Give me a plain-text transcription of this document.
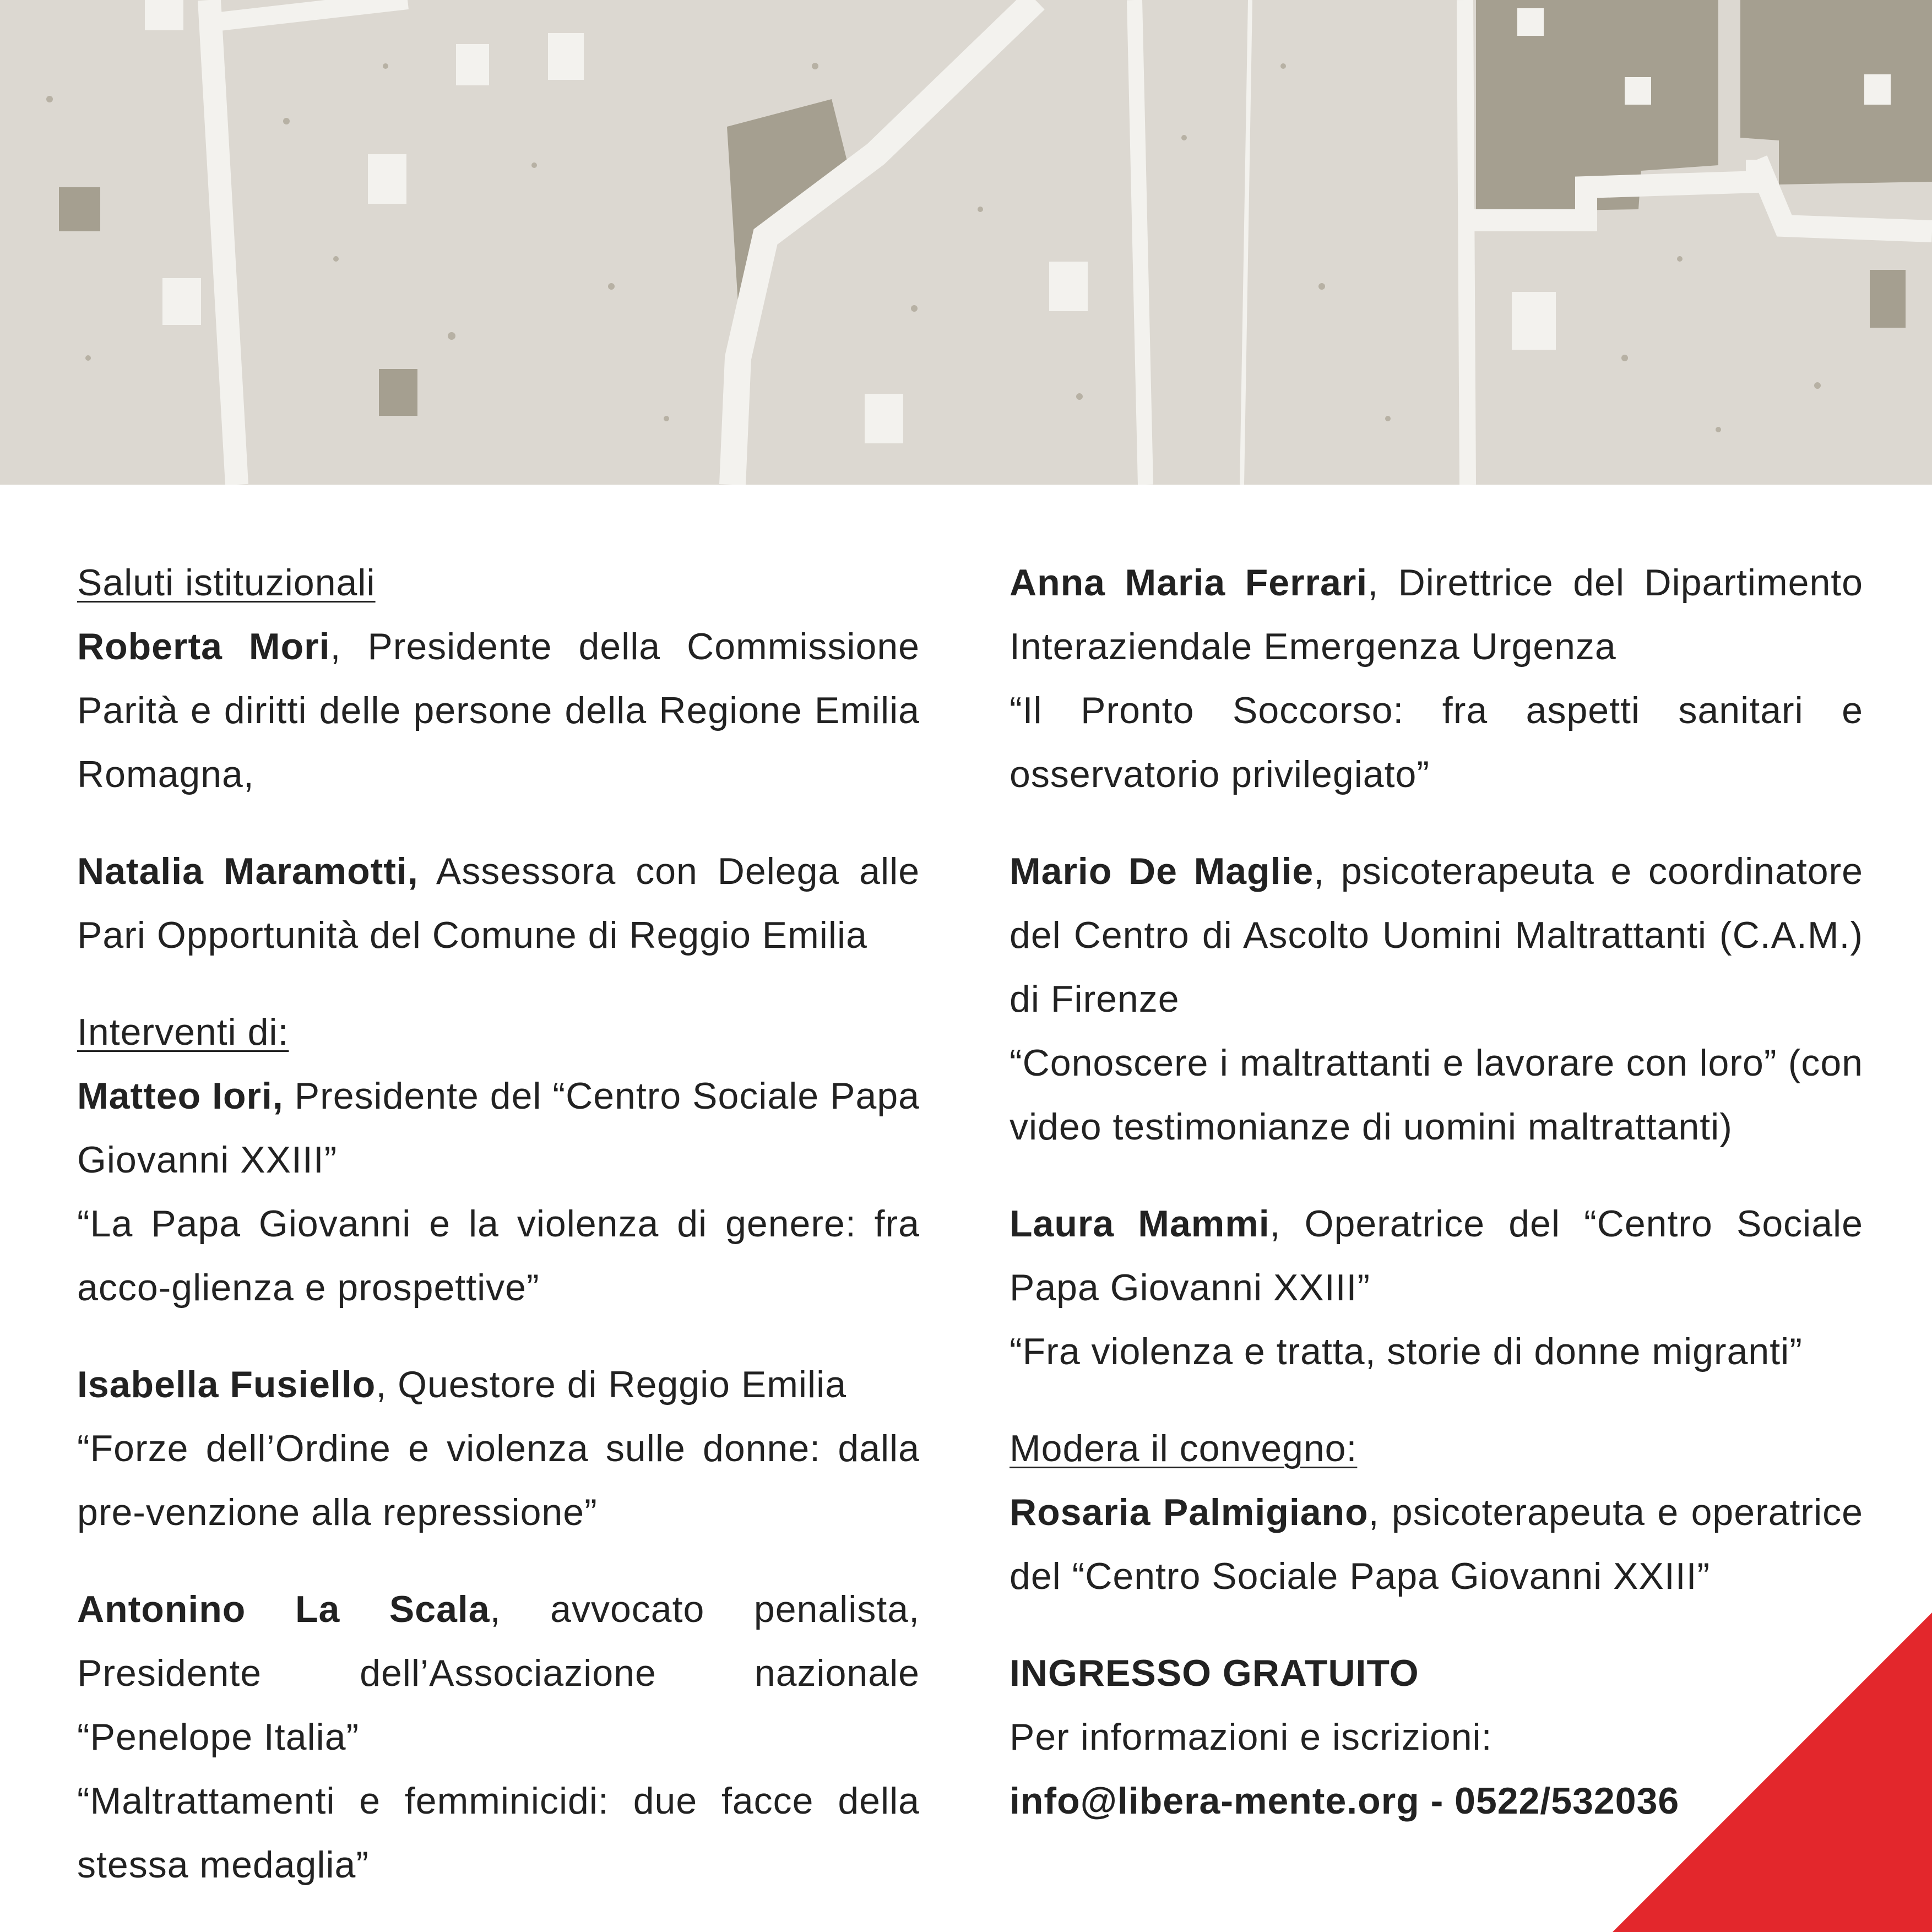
Saluti istituzionali

Roberta Mori, Presidente della Commissione Parità e diritti delle persone della Regione Emilia Romagna,

Natalia Maramotti, Assessora con Delega alle Pari Opportunità del Comune di Reggio Emilia

Interventi di:

Matteo Iori, Presidente del “Centro Sociale Papa Giovanni XXIII”

“La Papa Giovanni e la violenza di genere: fra acco-glienza e prospettive”

Isabella Fusiello, Questore di Reggio Emilia

“Forze dell’Ordine e violenza sulle donne: dalla pre-venzione alla repressione”

Antonino La Scala, avvocato penalista, Presidente dell’Associazione nazionale “Penelope Italia”

“Maltrattamenti e femminicidi: due facce della stessa medaglia”

Anna Maria Ferrari, Direttrice del Dipartimento Interaziendale Emergenza Urgenza

“Il Pronto Soccorso: fra aspetti sanitari e osservatorio privilegiato”

Mario De Maglie, psicoterapeuta e coordinatore del Centro di Ascolto Uomini Maltrattanti (C.A.M.) di Firenze

“Conoscere i maltrattanti e lavorare con loro” (con video testimonianze di uomini maltrattanti)

Laura Mammi, Operatrice del “Centro Sociale Papa Giovanni XXIII”

“Fra violenza e tratta, storie di donne migranti”

Modera il convegno:

Rosaria Palmigiano, psicoterapeuta e operatrice del “Centro Sociale Papa Giovanni XXIII”

INGRESSO GRATUITO

Per informazioni e iscrizioni:

info@libera-mente.org - 0522/532036
